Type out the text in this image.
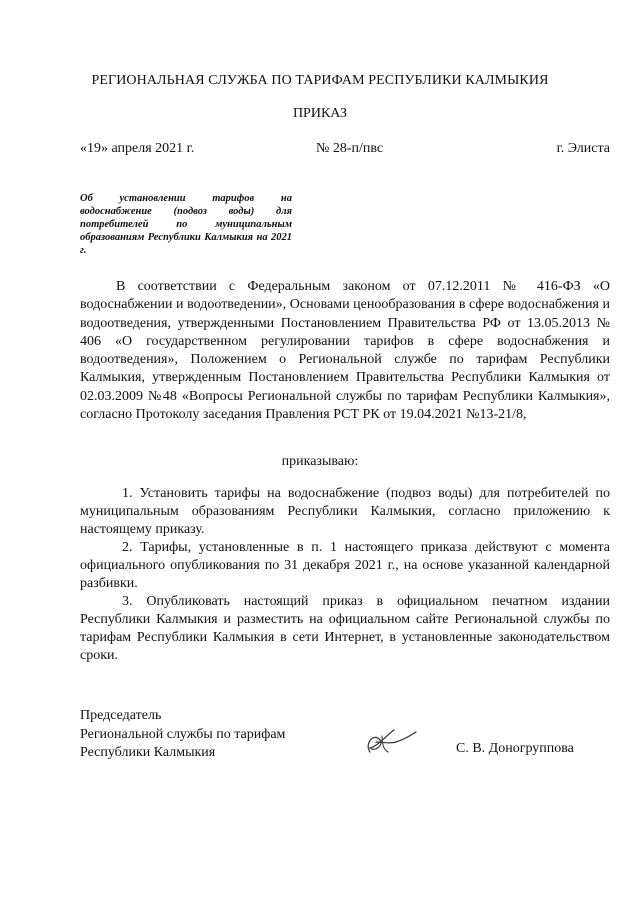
РЕГИОНАЛЬНАЯ СЛУЖБА ПО ТАРИФАМ РЕСПУБЛИКИ КАЛМЫКИЯ
ПРИКАЗ
«19» апреля 2021 г.	№ 28-п/пвс	г. Элиста
Об установлении тарифов на водоснабжение (подвоз воды) для потребителей по муниципальным образованиям Республики Калмыкия на 2021 г.

В соответствии с Федеральным законом от 07.12.2011 № 416-ФЗ «О водоснабжении и водоотведении», Основами ценообразования в сфере водоснабжения и водоотведения, утвержденными Постановлением Правительства РФ от 13.05.2013 № 406 «О государственном регулировании тарифов в сфере водоснабжения и водоотведения», Положением о Региональной службе по тарифам Республики Калмыкия, утвержденным Постановлением Правительства Республики Калмыкия от 02.03.2009 №48 «Вопросы Региональной службы по тарифам Республики Калмыкия», согласно Протоколу заседания Правления РСТ РК от 19.04.2021 №13-21/8,

приказываю:

1. Установить тарифы на водоснабжение (подвоз воды) для потребителей по муниципальным образованиям Республики Калмыкия, согласно приложению к настоящему приказу.

2. Тарифы, установленные в п. 1 настоящего приказа действуют с момента официального опубликования по 31 декабря 2021 г., на основе указанной календарной разбивки.

3. Опубликовать настоящий приказ в официальном печатном издании Республики Калмыкия и разместить на официальном сайте Региональной службы по тарифам Республики Калмыкия в сети Интернет, в установленные законодательством сроки.

Председатель
Региональной службы по тарифам
Республики Калмыкия	С. В. Доногруппова
